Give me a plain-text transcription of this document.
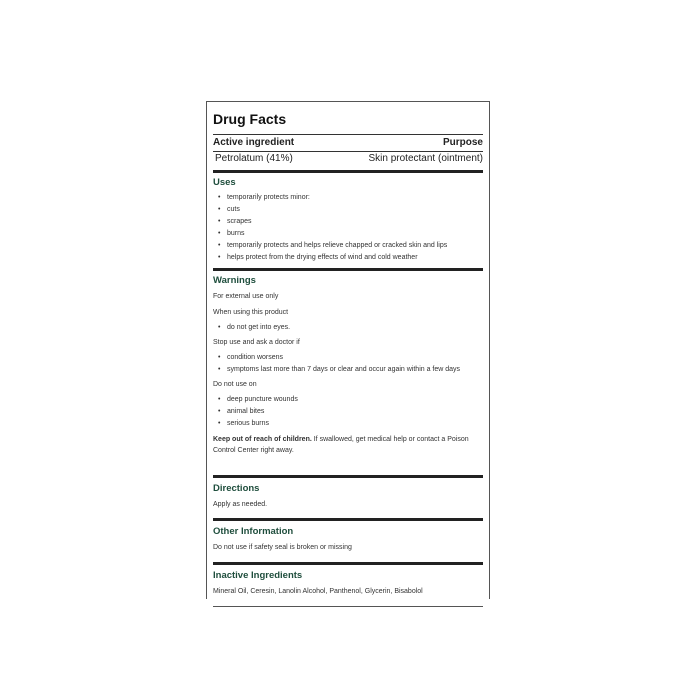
Drug Facts
Active ingredient	Purpose
Petrolatum (41%)	Skin protectant (ointment)
Uses
• temporarily protects minor:
• cuts
• scrapes
• burns
• temporarily protects and helps relieve chapped or cracked skin and lips
• helps protect from the drying effects of wind and cold weather
Warnings
For external use only
When using this product
• do not get into eyes.
Stop use and ask a doctor if
• condition worsens
• symptoms last more than 7 days or clear and occur again within a few days
Do not use on
• deep puncture wounds
• animal bites
• serious burns
Keep out of reach of children. If swallowed, get medical help or contact a Poison Control Center right away.
Directions
Apply as needed.
Other Information
Do not use if safety seal is broken or missing
Inactive Ingredients
Mineral Oil, Ceresin, Lanolin Alcohol, Panthenol, Glycerin, Bisabolol
